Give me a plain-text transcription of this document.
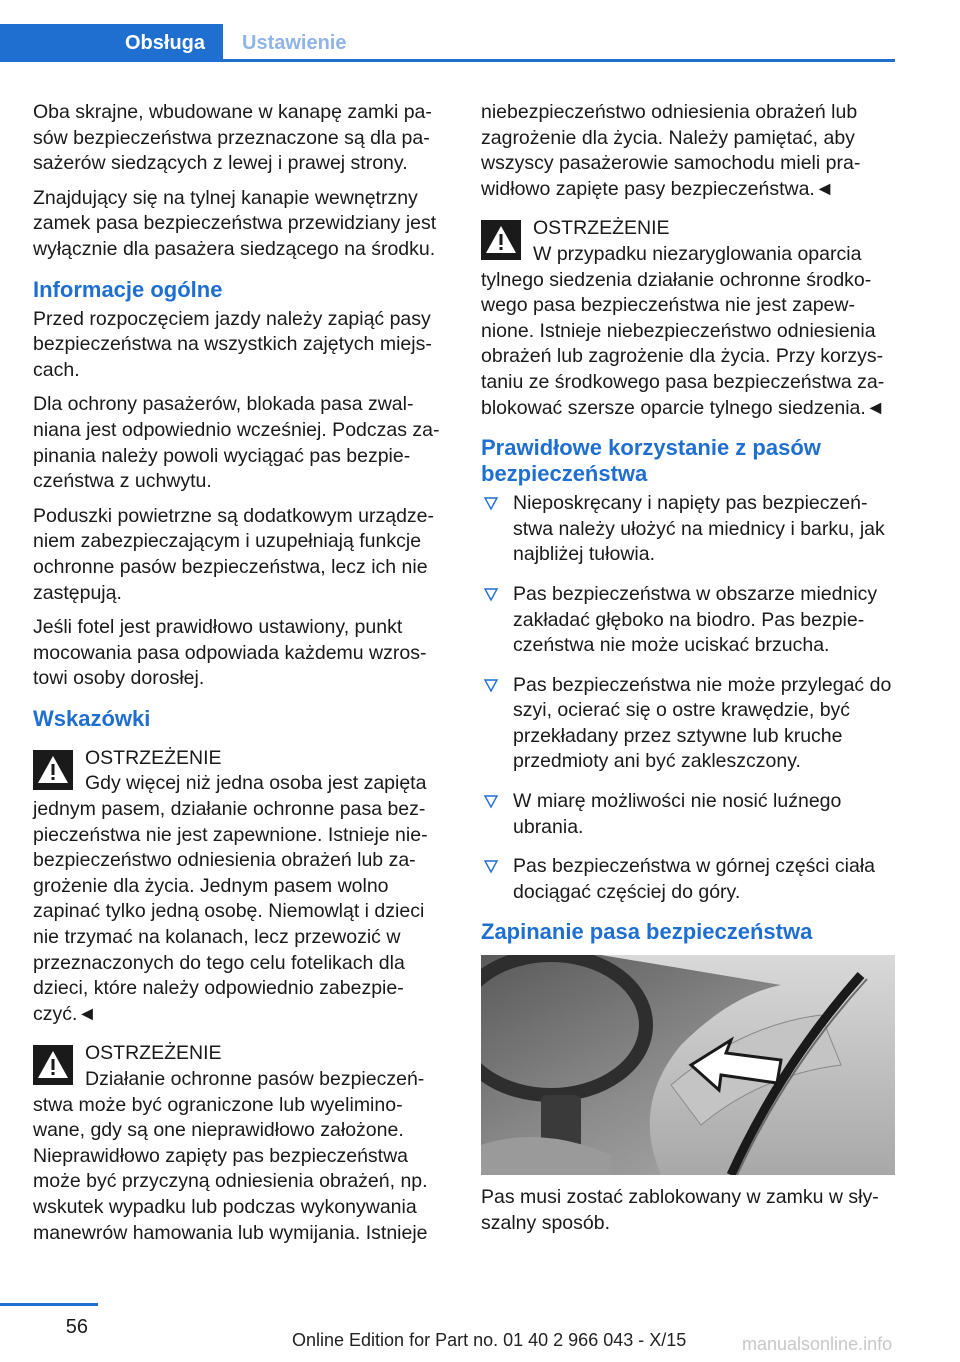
Obsługa Ustawienie

Oba skrajne, wbudowane w kanapę zamki pasów bezpieczeństwa przeznaczone są dla pasażerów siedzących z lewej i prawej strony.

Znajdujący się na tylnej kanapie wewnętrzny zamek pasa bezpieczeństwa przewidziany jest wyłącznie dla pasażera siedzącego na środku.

Informacje ogólne

Przed rozpoczęciem jazdy należy zapiąć pasy bezpieczeństwa na wszystkich zajętych miejscach.

Dla ochrony pasażerów, blokada pasa zwalniana jest odpowiednio wcześniej. Podczas zapinania należy powoli wyciągać pas bezpieczeństwa z uchwytu.

Poduszki powietrzne są dodatkowym urządzeniem zabezpieczającym i uzupełniają funkcje ochronne pasów bezpieczeństwa, lecz ich nie zastępują.

Jeśli fotel jest prawidłowo ustawiony, punkt mocowania pasa odpowiada każdemu wzrostowi osoby dorosłej.

Wskazówki
OSTRZEŻENIE
Gdy więcej niż jedna osoba jest zapięta jednym pasem, działanie ochronne pasa bezpieczeństwa nie jest zapewnione. Istnieje niebezpieczeństwo odniesienia obrażeń lub zagrożenie dla życia. Jednym pasem wolno zapinać tylko jedną osobę. Niemowląt i dzieci nie trzymać na kolanach, lecz przewozić w przeznaczonych do tego celu fotelikach dla dzieci, które należy odpowiednio zabezpieczyć.◄
OSTRZEŻENIE
Działanie ochronne pasów bezpieczeństwa może być ograniczone lub wyeliminowane, gdy są one nieprawidłowo założone. Nieprawidłowo zapięty pas bezpieczeństwa może być przyczyną odniesienia obrażeń, np. wskutek wypadku lub podczas wykonywania manewrów hamowania lub wymijania. Istnieje

niebezpieczeństwo odniesienia obrażeń lub zagrożenie dla życia. Należy pamiętać, aby wszyscy pasażerowie samochodu mieli prawidłowo zapięte pasy bezpieczeństwa.◄

OSTRZEŻENIE
W przypadku niezaryglowania oparcia tylnego siedzenia działanie ochronne środkowego pasa bezpieczeństwa nie jest zapewnione. Istnieje niebezpieczeństwo odniesienia obrażeń lub zagrożenie dla życia. Przy korzystaniu ze środkowego pasa bezpieczeństwa zablokować szersze oparcie tylnego siedzenia.◄
Prawidłowe korzystanie z pasów bezpieczeństwa
Nieposkręcany i napięty pas bezpieczeństwa należy ułożyć na miednicy i barku, jak najbliżej tułowia.
Pas bezpieczeństwa w obszarze miednicy zakładać głęboko na biodro. Pas bezpieczeństwa nie może uciskać brzucha.
Pas bezpieczeństwa nie może przylegać do szyi, ocierać się o ostre krawędzie, być przekładany przez sztywne lub kruche przedmioty ani być zakleszczony.
W miarę możliwości nie nosić luźnego ubrania.
Pas bezpieczeństwa w górnej części ciała dociągać częściej do góry.
Zapinanie pasa bezpieczeństwa

Pas musi zostać zablokowany w zamku w słyszalny sposób.

56
Online Edition for Part no. 01 40 2 966 043 - X/15	manualsonline.info
